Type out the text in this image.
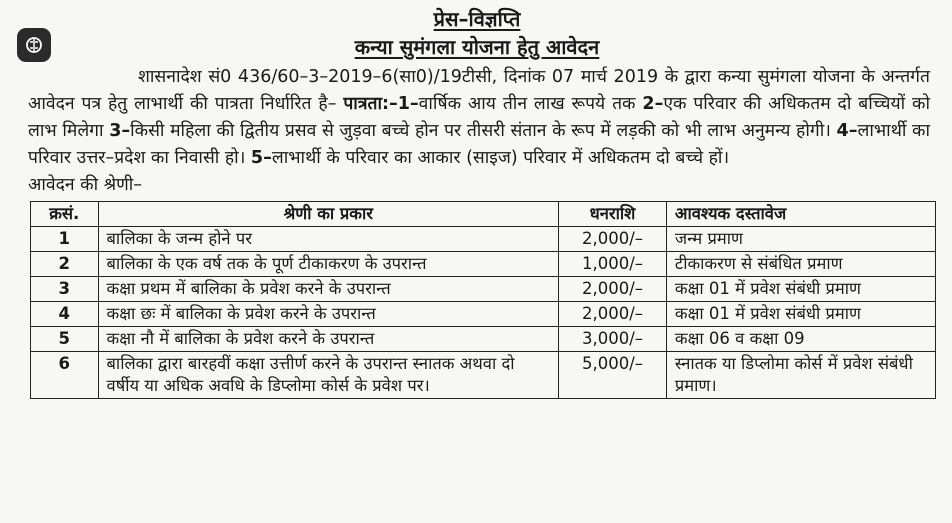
प्रेस–विज्ञप्ति
कन्या सुमंगला योजना हेतु आवेदन
शासनादेश सं0 436/60–3–2019–6(सा0)/19टीसी, दिनांक 07 मार्च 2019 के द्वारा कन्या सुमंगला योजना के अन्तर्गत आवेदन पत्र हेतु लाभार्थी की पात्रता निर्धारित है– पात्रता:–1–वार्षिक आय तीन लाख रूपये तक 2–एक परिवार की अधिकतम दो बच्चियों को लाभ मिलेगा 3–किसी महिला की द्वितीय प्रसव से जुड़वा बच्चे होन पर तीसरी संतान के रूप में लड़की को भी लाभ अनुमन्य होगी। 4–लाभार्थी का परिवार उत्तर–प्रदेश का निवासी हो। 5–लाभार्थी के परिवार का आकार (साइज) परिवार में अधिकतम दो बच्चे हों।
आवेदन की श्रेणी–
क्रसं.	श्रेणी का प्रकार	धनराशि	आवश्यक दस्तावेज
1	बालिका के जन्म होने पर	2,000/–	जन्म प्रमाण
2	बालिका के एक वर्ष तक के पूर्ण टीकाकरण के उपरान्त	1,000/–	टीकाकरण से संबंधित प्रमाण
3	कक्षा प्रथम में बालिका के प्रवेश करने के उपरान्त	2,000/–	कक्षा 01 में प्रवेश संबंधी प्रमाण
4	कक्षा छः में बालिका के प्रवेश करने के उपरान्त	2,000/–	कक्षा 01 में प्रवेश संबंधी प्रमाण
5	कक्षा नौ में बालिका के प्रवेश करने के उपरान्त	3,000/–	कक्षा 06 व कक्षा 09
6	बालिका द्वारा बारहवीं कक्षा उत्तीर्ण करने के उपरान्त स्नातक अथवा दो वर्षीय या अधिक अवधि के डिप्लोमा कोर्स के प्रवेश पर।	5,000/–	स्नातक या डिप्लोमा कोर्स में प्रवेश संबंधी प्रमाण।
